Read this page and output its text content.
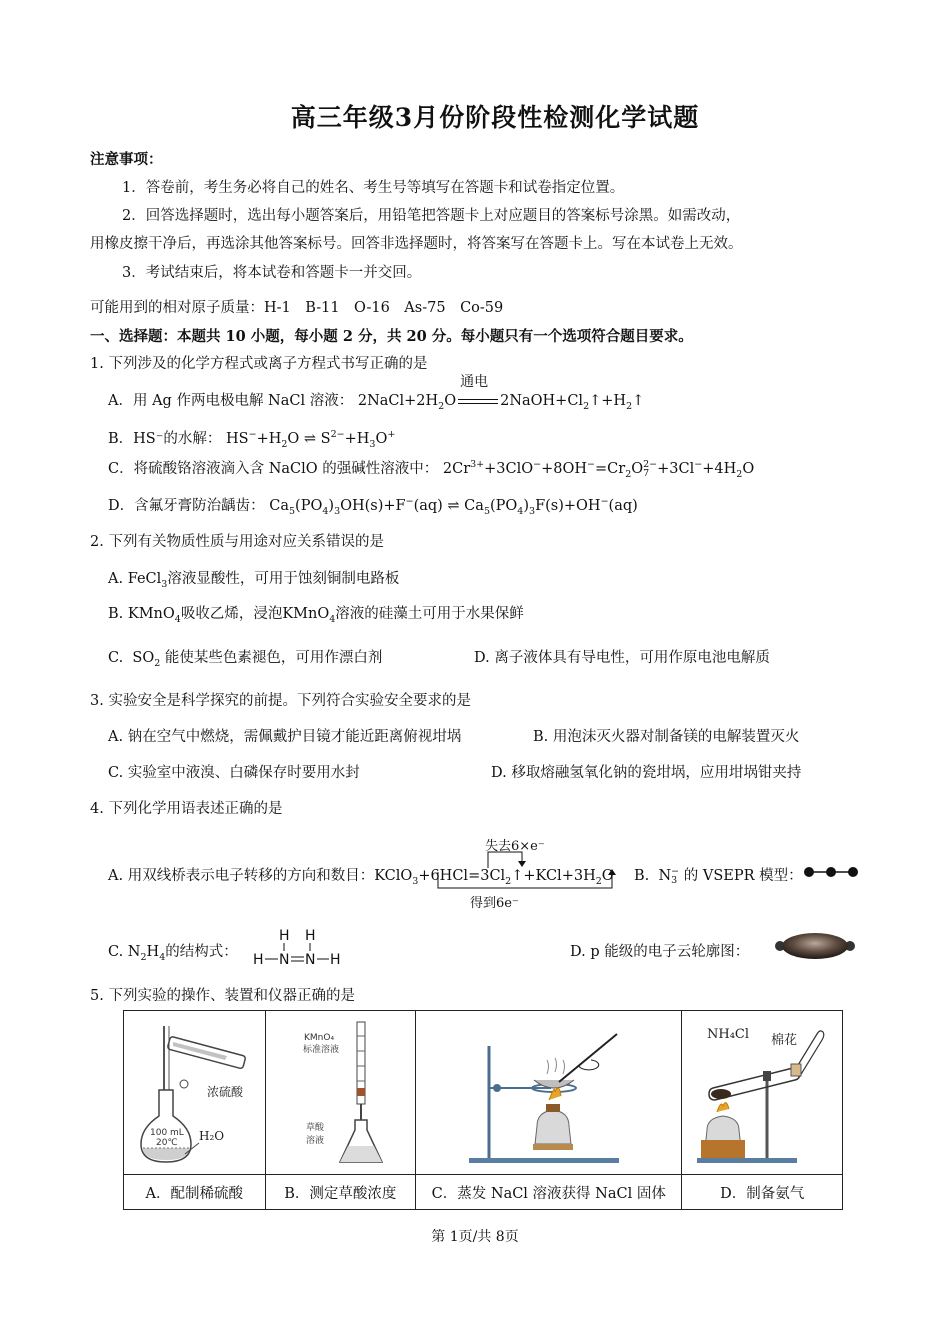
高三年级3月份阶段性检测化学试题
注意事项：
1．答卷前，考生务必将自己的姓名、考生号等填写在答题卡和试卷指定位置。
2．回答选择题时，选出每小题答案后，用铅笔把答题卡上对应题目的答案标号涂黑。如需改动，
用橡皮擦干净后，再选涂其他答案标号。回答非选择题时，将答案写在答题卡上。写在本试卷上无效。
3．考试结束后，将本试卷和答题卡一并交回。
可能用到的相对原子质量：H-1　B-11　O-16　As-75　Co-59
一、选择题：本题共 10 小题，每小题 2 分，共 20 分。每小题只有一个选项符合题目要求。
1. 下列涉及的化学方程式或离子方程式书写正确的是
A．用 Ag 作两电极电解 NaCl 溶液： $2NaCl+2H_2O$
通电
$2NaOH+Cl_2↑+H_2↑$
B．HS⁻的水解： $HS^-+H_2O$ ⇌ $S^{2-}+H_3O^+$
C．将硫酸铬溶液滴入含 NaClO 的强碱性溶液中： $2Cr^{3+}+3ClO^-+8OH^-=Cr_2O$ 2−
$7 +3Cl^-+4H_2O$
D．含氟牙膏防治龋齿： $Ca_5(PO_4)_3OH(s)+F^-(aq)$ ⇌ $Ca_5(PO_4)_3F(s)+OH^-(aq)$
2. 下列有关物质性质与用途对应关系错误的是
A. FeCl$_3$溶液显酸性，可用于蚀刻铜制电路板
B. KMnO$_4$吸收乙烯，浸泡KMnO$_4$溶液的硅藻土可用于水果保鲜
C.  $SO_2$ 能使某些色素褪色，可用作漂白剂	D. 离子液体具有导电性，可用作原电池电解质
3. 实验安全是科学探究的前提。下列符合实验安全要求的是
A. 钠在空气中燃烧，需佩戴护目镜才能近距离俯视坩埚	B. 用泡沫灭火器对制备镁的电解装置灭火
C. 实验室中液溴、白磷保存时要用水封	D. 移取熔融氢氧化钠的瓷坩埚，应用坩埚钳夹持
4. 下列化学用语表述正确的是
失去6×e⁻
得到6e⁻
A. 用双线桥表示电子转移的方向和数目：$KClO_3+6HCl=3Cl_2↑+KCl+3H_2O$ B.  N −
3 的 VSEPR 模型：
C. $N_2H_4$的结构式：
H H
H N N H	D. p 能级的电子云轮廓图：
5. 下列实验的操作、装置和仪器正确的是
浓硫酸
100 mL
20℃ H₂O	KMnO₄
标准溶液
草酸
溶液		NH₄Cl 棉花

A．配制稀硫酸	B．测定草酸浓度	C．蒸发 NaCl 溶液获得 NaCl 固体	D．制备氨气
第 1页/共 8页
